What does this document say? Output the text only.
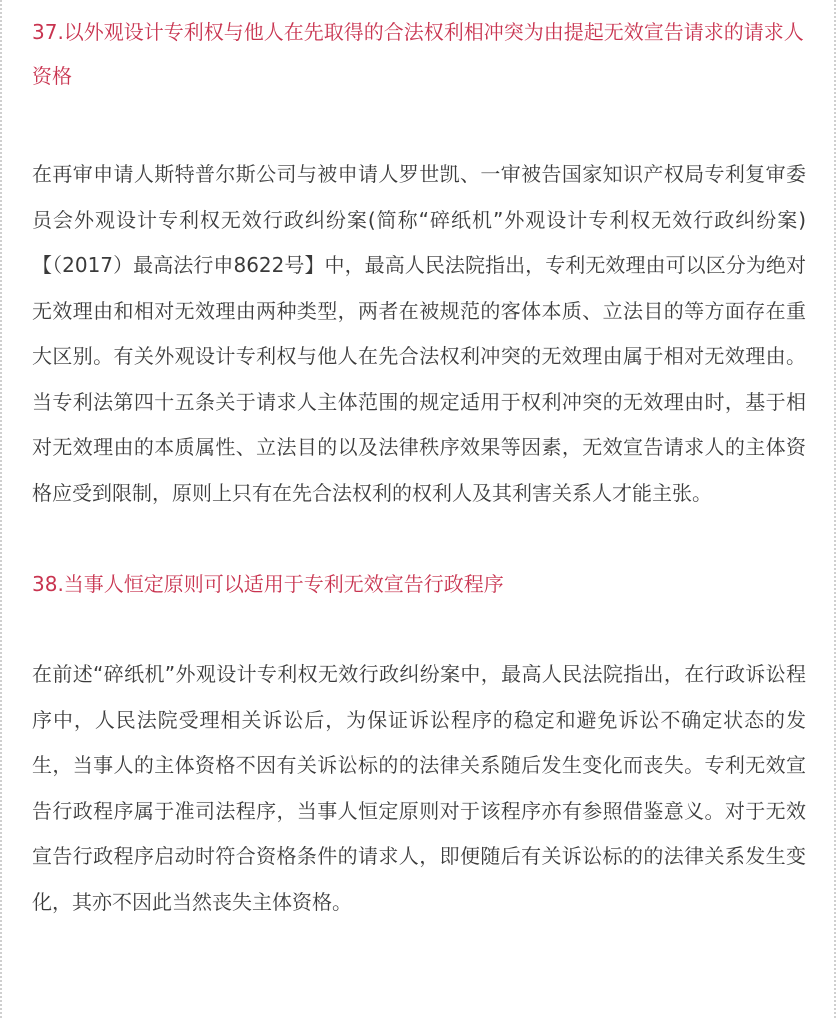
37.以外观设计专利权与他人在先取得的合法权利相冲突为由提起无效宣告请求的请求人资格

在再审申请人斯特普尔斯公司与被申请人罗世凯、一审被告国家知识产权局专利复审委员会外观设计专利权无效行政纠纷案(简称“碎纸机”外观设计专利权无效行政纠纷案)【（2017）最高法行申8622号】中，最高人民法院指出，专利无效理由可以区分为绝对无效理由和相对无效理由两种类型，两者在被规范的客体本质、立法目的等方面存在重大区别。有关外观设计专利权与他人在先合法权利冲突的无效理由属于相对无效理由。当专利法第四十五条关于请求人主体范围的规定适用于权利冲突的无效理由时，基于相对无效理由的本质属性、立法目的以及法律秩序效果等因素，无效宣告请求人的主体资格应受到限制，原则上只有在先合法权利的权利人及其利害关系人才能主张。

38.当事人恒定原则可以适用于专利无效宣告行政程序

在前述“碎纸机”外观设计专利权无效行政纠纷案中，最高人民法院指出，在行政诉讼程序中，人民法院受理相关诉讼后，为保证诉讼程序的稳定和避免诉讼不确定状态的发生，当事人的主体资格不因有关诉讼标的的法律关系随后发生变化而丧失。专利无效宣告行政程序属于准司法程序，当事人恒定原则对于该程序亦有参照借鉴意义。对于无效宣告行政程序启动时符合资格条件的请求人，即便随后有关诉讼标的的法律关系发生变化，其亦不因此当然丧失主体资格。
